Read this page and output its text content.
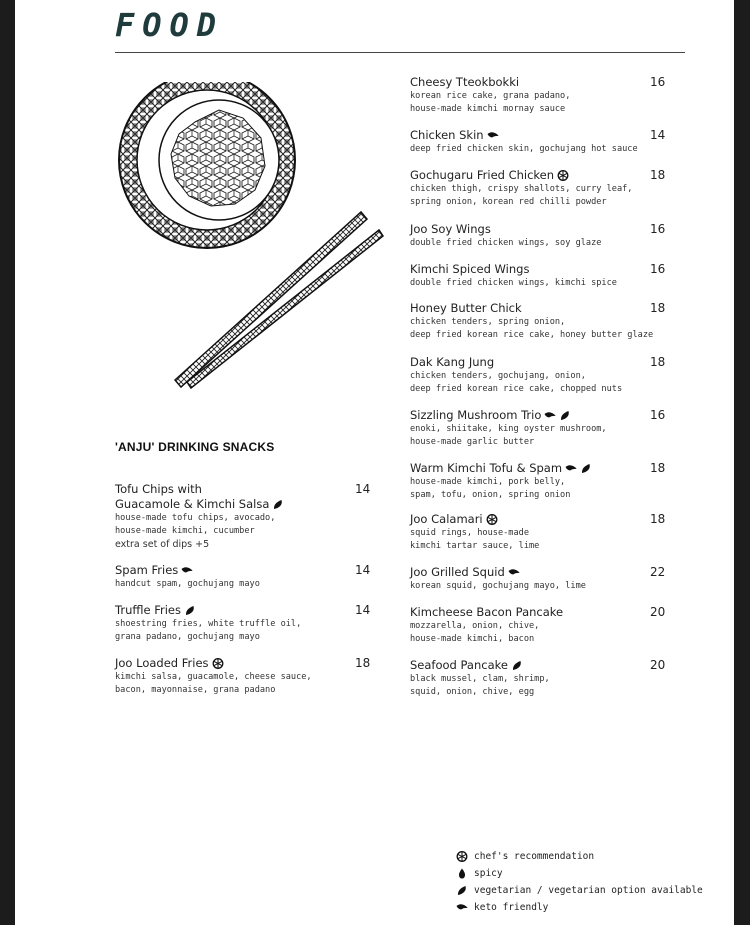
FOOD
'ANJU' DRINKING SNACKS
Tofu Chips with
Guacamole & Kimchi Salsa
house-made tofu chips, avocado,
house-made kimchi, cucumber
extra set of dips +5
14
Spam Fries
handcut spam, gochujang mayo
14
Truffle Fries
shoestring fries, white truffle oil,
grana padano, gochujang mayo
14
Joo Loaded Fries
kimchi salsa, guacamole, cheese sauce,
bacon, mayonnaise, grana padano
18
Cheesy Tteokbokki
korean rice cake, grana padano,
house-made kimchi mornay sauce
16
Chicken Skin
deep fried chicken skin, gochujang hot sauce
14
Gochugaru Fried Chicken
chicken thigh, crispy shallots, curry leaf,
spring onion, korean red chilli powder
18
Joo Soy Wings
double fried chicken wings, soy glaze
16
Kimchi Spiced Wings
double fried chicken wings, kimchi spice
16
Honey Butter Chick
chicken tenders, spring onion,
deep fried korean rice cake, honey butter glaze
18
Dak Kang Jung
chicken tenders, gochujang, onion,
deep fried korean rice cake, chopped nuts
18
Sizzling Mushroom Trio
enoki, shiitake, king oyster mushroom,
house-made garlic butter
16
Warm Kimchi Tofu & Spam
house-made kimchi, pork belly,
spam, tofu, onion, spring onion
18
Joo Calamari
squid rings, house-made
kimchi tartar sauce, lime
18
Joo Grilled Squid
korean squid, gochujang mayo, lime
22
Kimcheese Bacon Pancake
mozzarella, onion, chive,
house-made kimchi, bacon
20
Seafood Pancake
black mussel, clam, shrimp,
squid, onion, chive, egg
20
chef's recommendation
spicy
vegetarian / vegetarian option available
keto friendly
